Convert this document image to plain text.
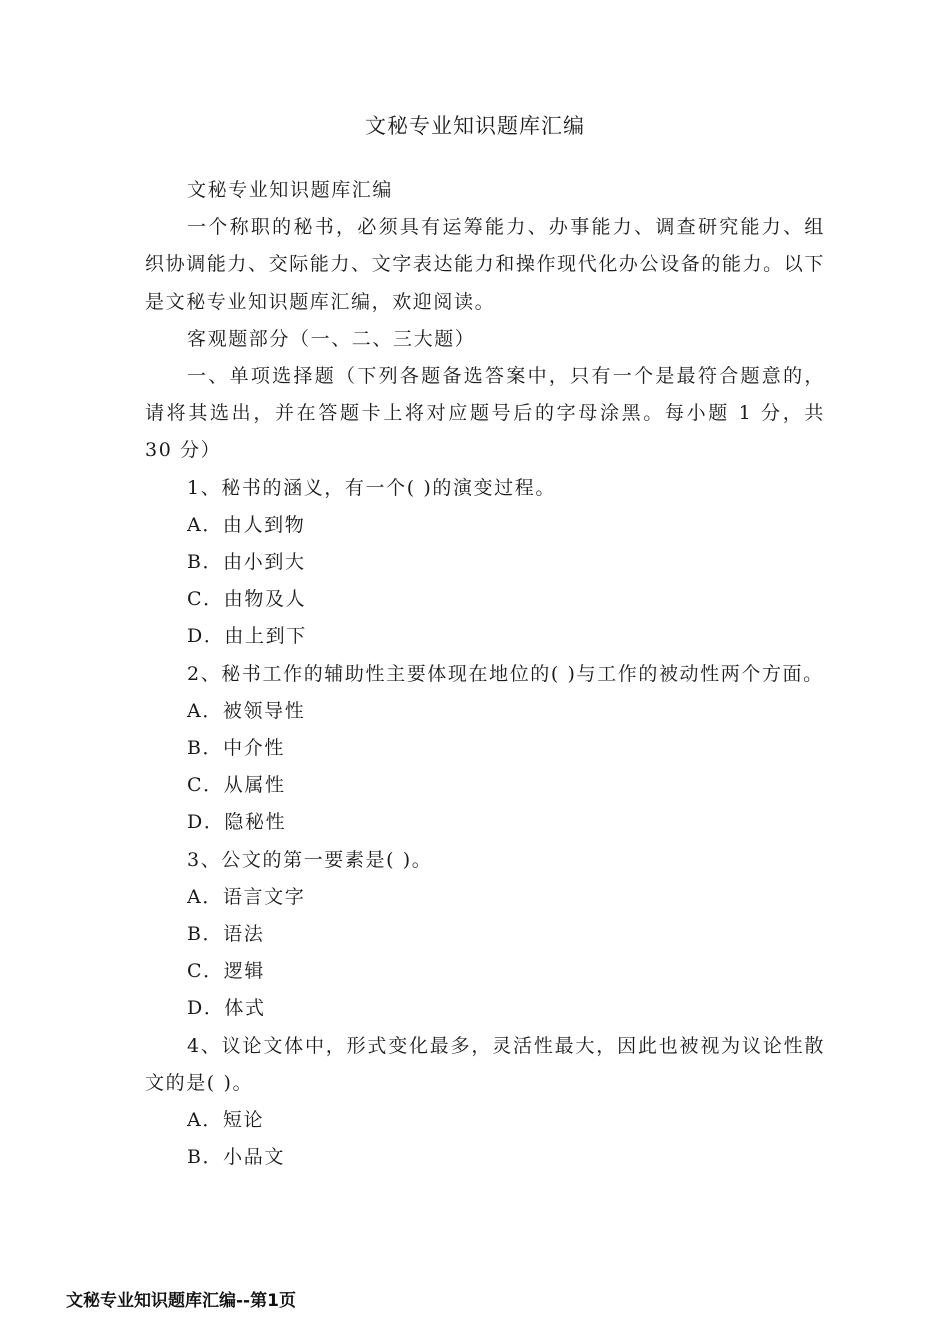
文秘专业知识题库汇编

文秘专业知识题库汇编

一个称职的秘书，必须具有运筹能力、办事能力、调查研究能力、组织协调能力、交际能力、文字表达能力和操作现代化办公设备的能力。以下是文秘专业知识题库汇编，欢迎阅读。

客观题部分（一、二、三大题）

一、单项选择题（下列各题备选答案中，只有一个是最符合题意的，请将其选出，并在答题卡上将对应题号后的字母涂黑。每小题 1 分，共 30 分）

1、秘书的涵义，有一个( )的演变过程。

A．由人到物

B．由小到大

C．由物及人

D．由上到下

2、秘书工作的辅助性主要体现在地位的( )与工作的被动性两个方面。

A．被领导性

B．中介性

C．从属性

D．隐秘性

3、公文的第一要素是( )。

A．语言文字

B．语法

C．逻辑

D．体式

4、议论文体中，形式变化最多，灵活性最大，因此也被视为议论性散文的是( )。

A．短论

B．小品文

文秘专业知识题库汇编--第1页
